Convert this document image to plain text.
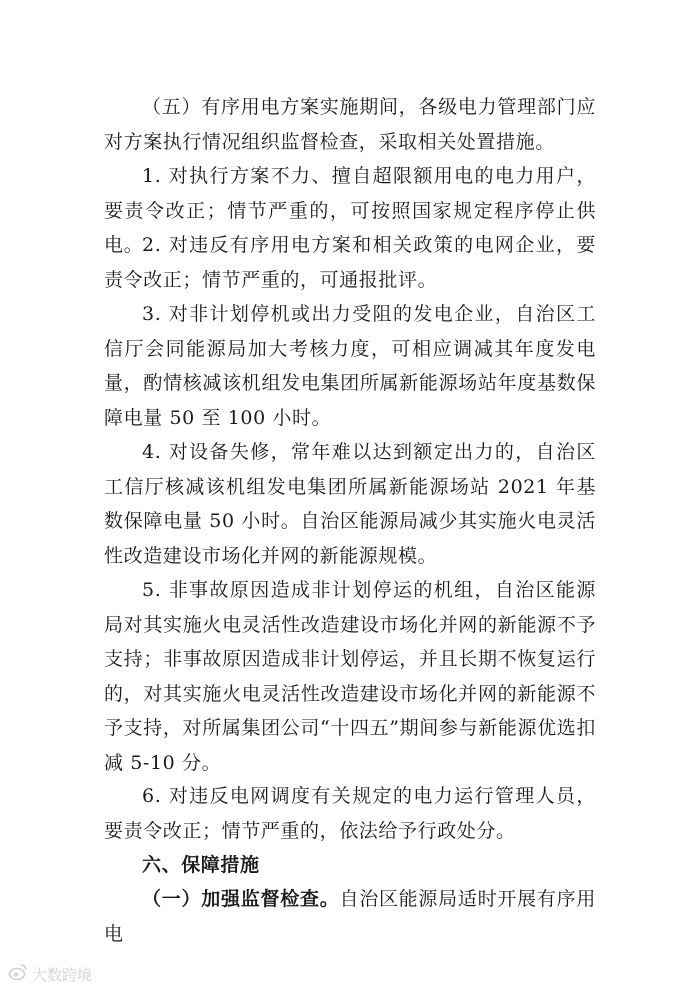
（五）有序用电方案实施期间，各级电力管理部门应对方案执行情况组织监督检查，采取相关处置措施。

1. 对执行方案不力、擅自超限额用电的电力用户，要责令改正；情节严重的，可按照国家规定程序停止供电。

2. 对违反有序用电方案和相关政策的电网企业，要责令改正；情节严重的，可通报批评。

3. 对非计划停机或出力受阻的发电企业，自治区工信厅会同能源局加大考核力度，可相应调减其年度发电量，酌情核减该机组发电集团所属新能源场站年度基数保障电量 50 至 100 小时。

4. 对设备失修，常年难以达到额定出力的，自治区工信厅核减该机组发电集团所属新能源场站 2021 年基数保障电量 50 小时。自治区能源局减少其实施火电灵活性改造建设市场化并网的新能源规模。

5. 非事故原因造成非计划停运的机组，自治区能源局对其实施火电灵活性改造建设市场化并网的新能源不予支持；非事故原因造成非计划停运，并且长期不恢复运行的，对其实施火电灵活性改造建设市场化并网的新能源不予支持，对所属集团公司“十四五”期间参与新能源优选扣减 5-10 分。

6. 对违反电网调度有关规定的电力运行管理人员，要责令改正；情节严重的，依法给予行政处分。

六、保障措施

（一）加强监督检查。自治区能源局适时开展有序用电

大数跨境
